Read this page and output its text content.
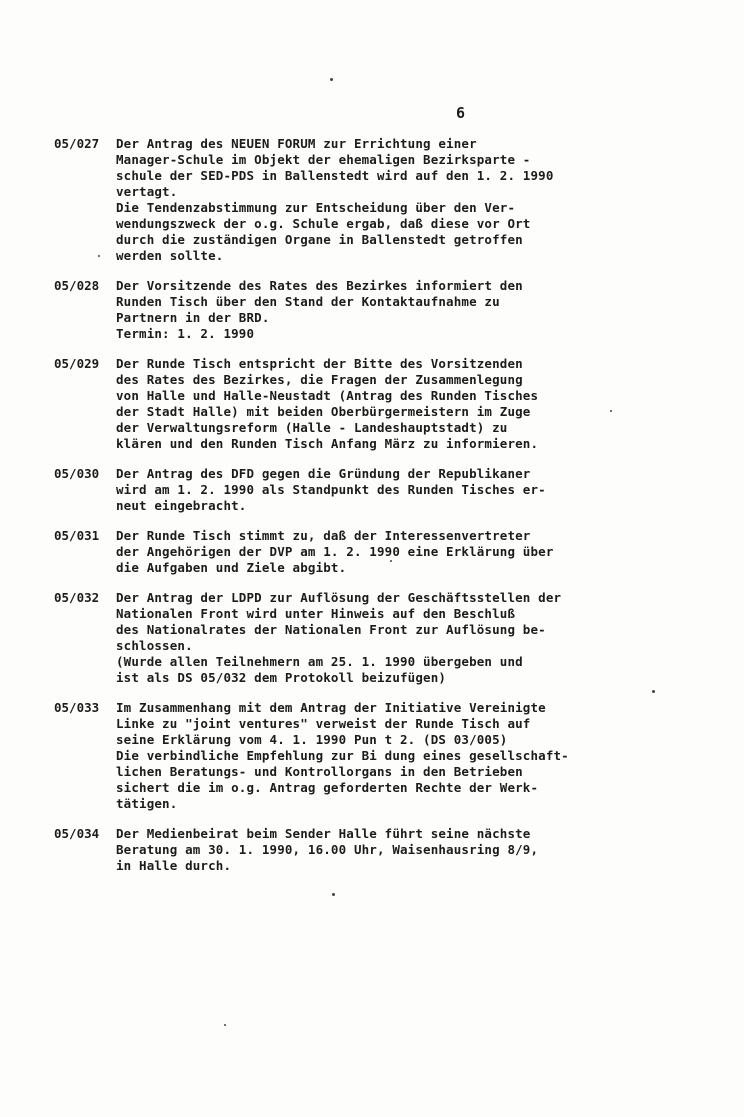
6
05/027	Der Antrag des NEUEN FORUM zur Errichtung einer
Manager-Schule im Objekt der ehemaligen Bezirksparte -
schule der SED-PDS in Ballenstedt wird auf den 1. 2. 1990
vertagt.
Die Tendenzabstimmung zur Entscheidung über den Ver-
wendungszweck der o.g. Schule ergab, daß diese vor Ort
durch die zuständigen Organe in Ballenstedt getroffen
werden sollte.
05/028	Der Vorsitzende des Rates des Bezirkes informiert den
Runden Tisch über den Stand der Kontaktaufnahme zu
Partnern in der BRD.
Termin: 1. 2. 1990
05/029	Der Runde Tisch entspricht der Bitte des Vorsitzenden
des Rates des Bezirkes, die Fragen der Zusammenlegung
von Halle und Halle-Neustadt (Antrag des Runden Tisches
der Stadt Halle) mit beiden Oberbürgermeistern im Zuge
der Verwaltungsreform (Halle - Landeshauptstadt) zu
klären und den Runden Tisch Anfang März zu informieren.
05/030	Der Antrag des DFD gegen die Gründung der Republikaner
wird am 1. 2. 1990 als Standpunkt des Runden Tisches er-
neut eingebracht.
05/031	Der Runde Tisch stimmt zu, daß der Interessenvertreter
der Angehörigen der DVP am 1. 2. 1990 eine Erklärung über
die Aufgaben und Ziele abgibt.
05/032	Der Antrag der LDPD zur Auflösung der Geschäftsstellen der
Nationalen Front wird unter Hinweis auf den Beschluß
des Nationalrates der Nationalen Front zur Auflösung be-
schlossen.
(Wurde allen Teilnehmern am 25. 1. 1990 übergeben und
ist als DS 05/032 dem Protokoll beizufügen)
05/033	Im Zusammenhang mit dem Antrag der Initiative Vereinigte
Linke zu "joint ventures" verweist der Runde Tisch auf
seine Erklärung vom 4. 1. 1990 Pun t 2. (DS 03/005)
Die verbindliche Empfehlung zur Bi dung eines gesellschaft-
lichen Beratungs- und Kontrollorgans in den Betrieben
sichert die im o.g. Antrag geforderten Rechte der Werk-
tätigen.
05/034	Der Medienbeirat beim Sender Halle führt seine nächste
Beratung am 30. 1. 1990, 16.00 Uhr, Waisenhausring 8/9,
in Halle durch.
